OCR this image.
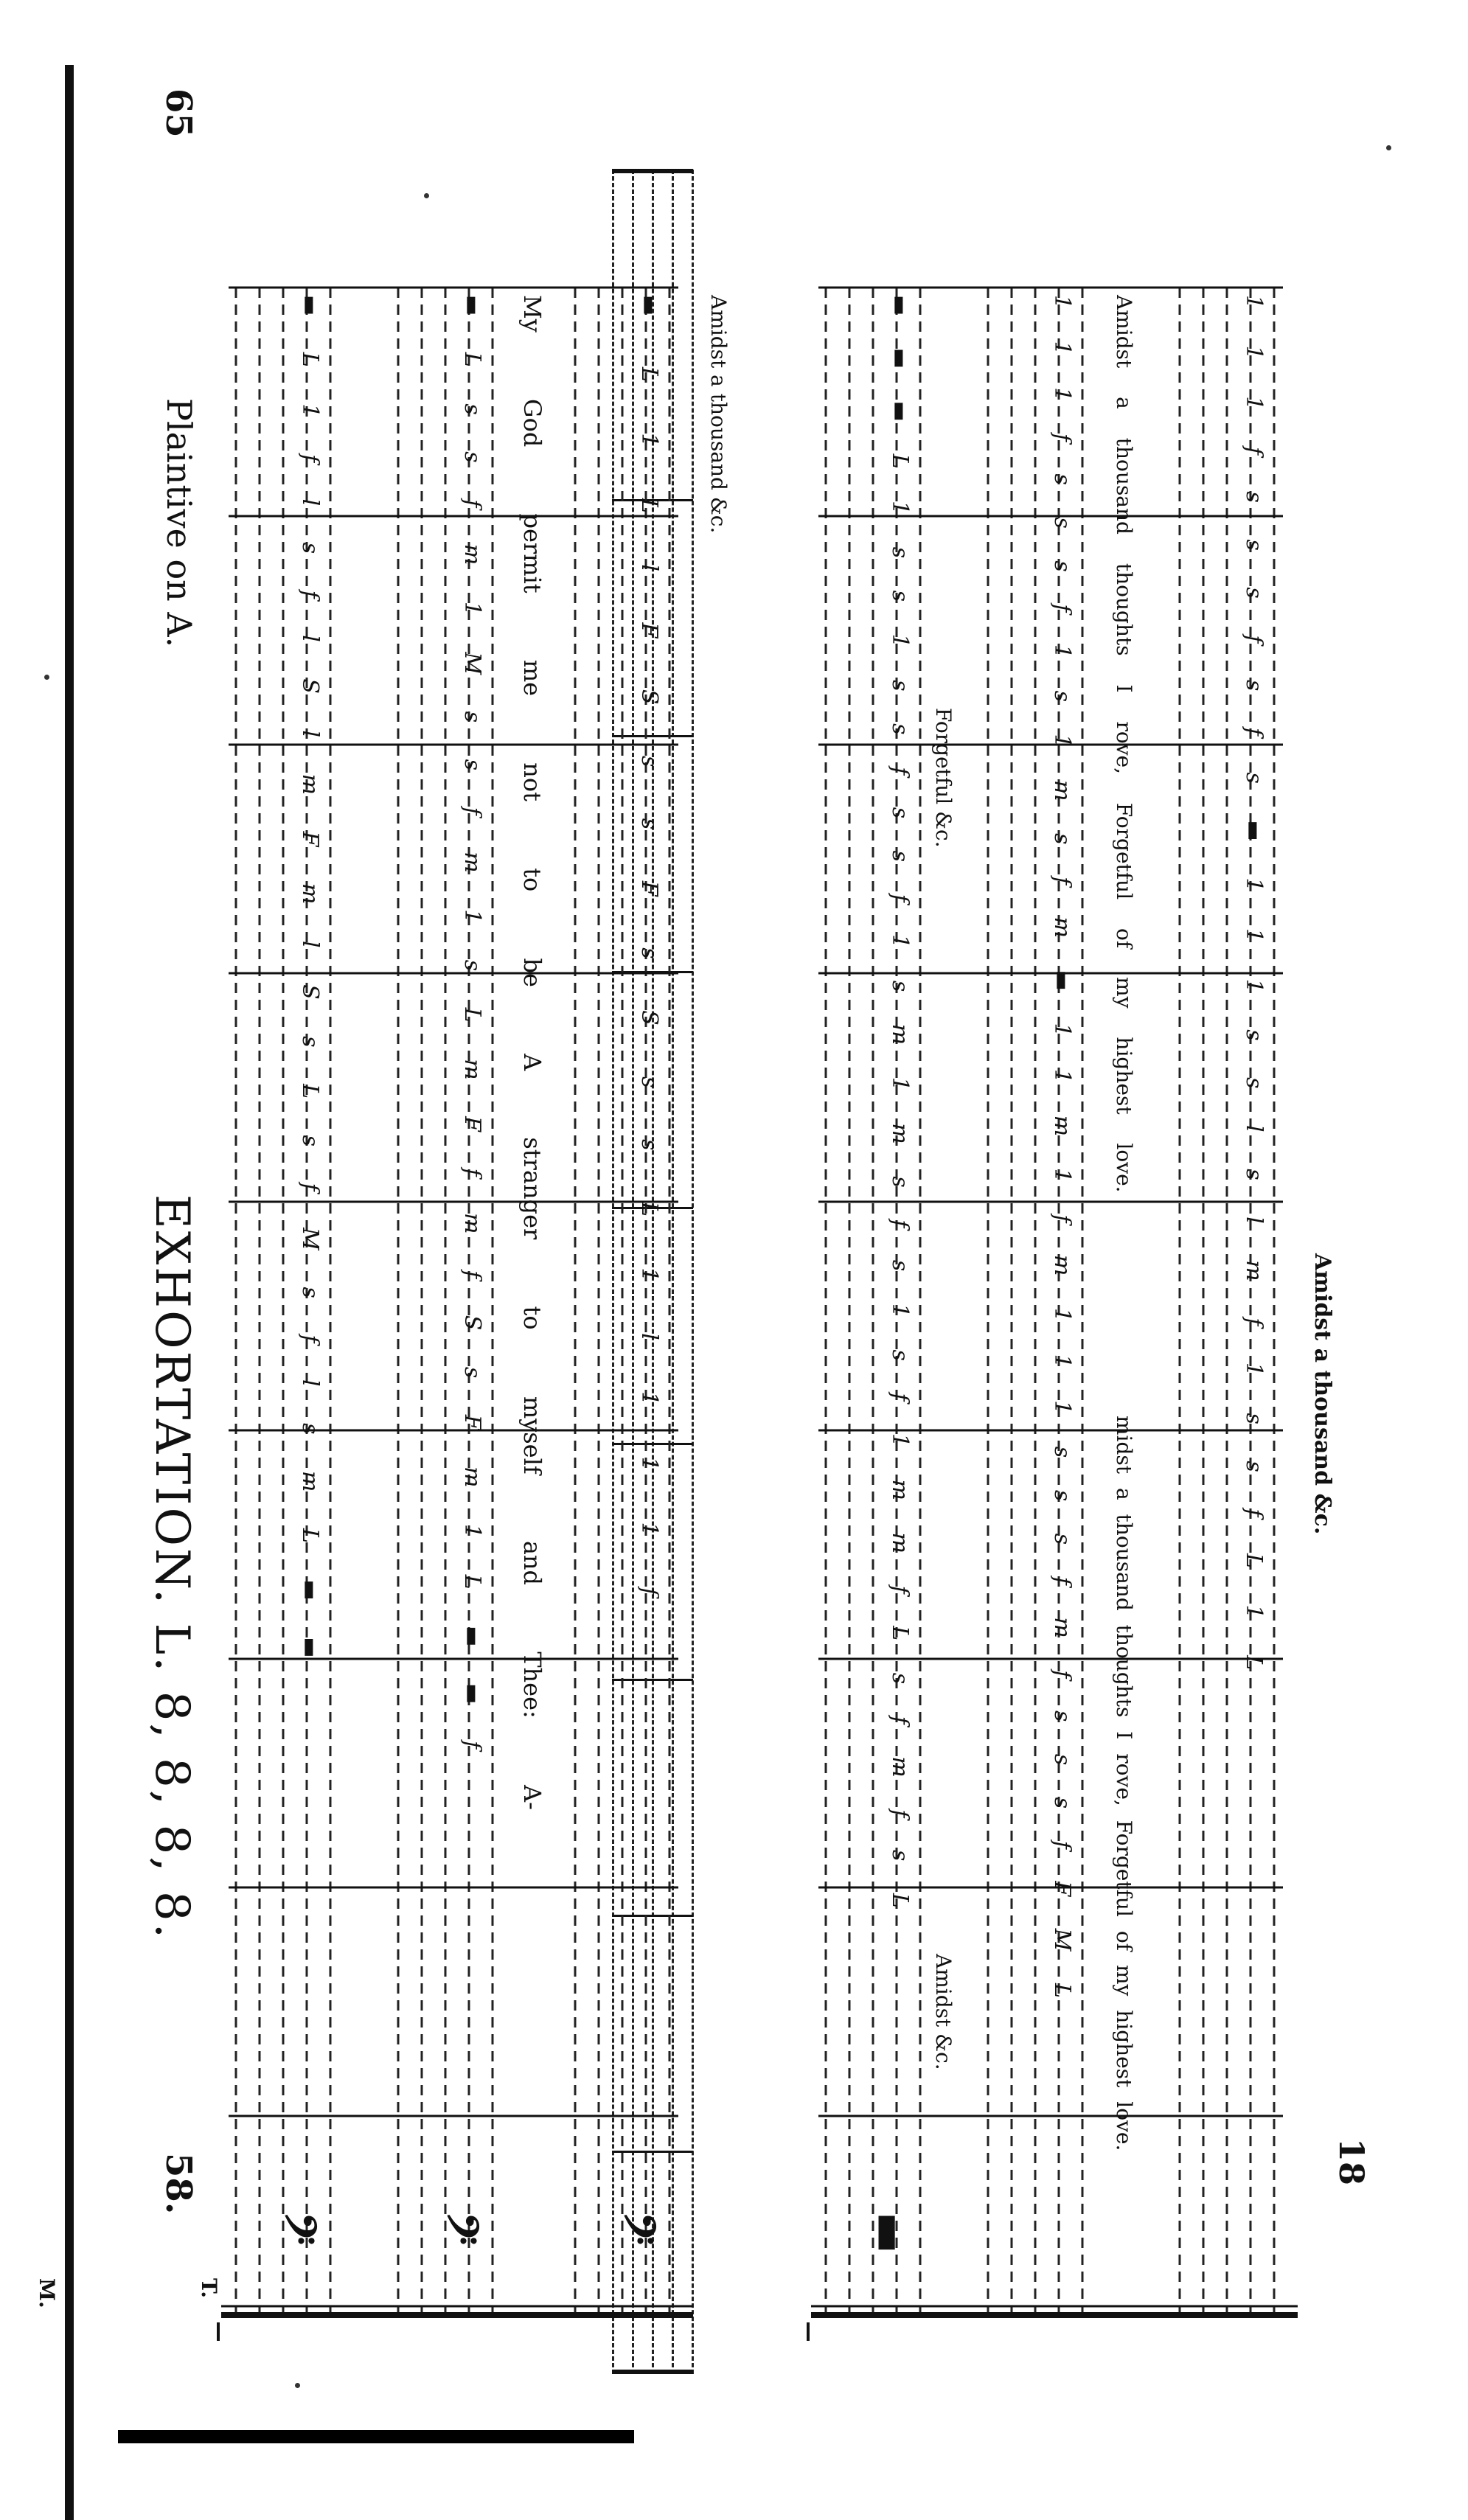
65
Plaintive on A.
EXHORTATION. L. 8, 8, 8, 8.
58.
▬ L 1 f l s f l S l m F m l S s L s f M s f l s m L ▬ ▬	▬ L s s f m 1 M s s f m 1 s L m F f m f S s F m 1 L ▬ ▬ f My God permit me not to be A stranger to myself and Thee: A-	▬ L 1 L l F S s s F s S s s L 1 l 1 1 1 f Amidst a thousand &c.
T.
M.
𝄢 𝄢 𝄢
▬ ▬ ▬ L 1 s s 1 s s f s s f 1 s m 1 m s f s 1 s f 1 m m f L s f m f s L Forgetful &c.
Amidst &c.
1 1 1 f s s s f 1 s 1 m s f m ▬ 1 1 m 1 f m 1 1 1 s s s f m f s s s f F M L Amidst a thousand thoughts I rove, Forgetful of my highest love.
midst a thousand thoughts I rove, Forgetful of my highest love.
1 1 1 f s s s f s f s ▬ 1 1 1 s s l s l m f 1 s s f L 1 L Amidst a thousand &c.
▬
18
